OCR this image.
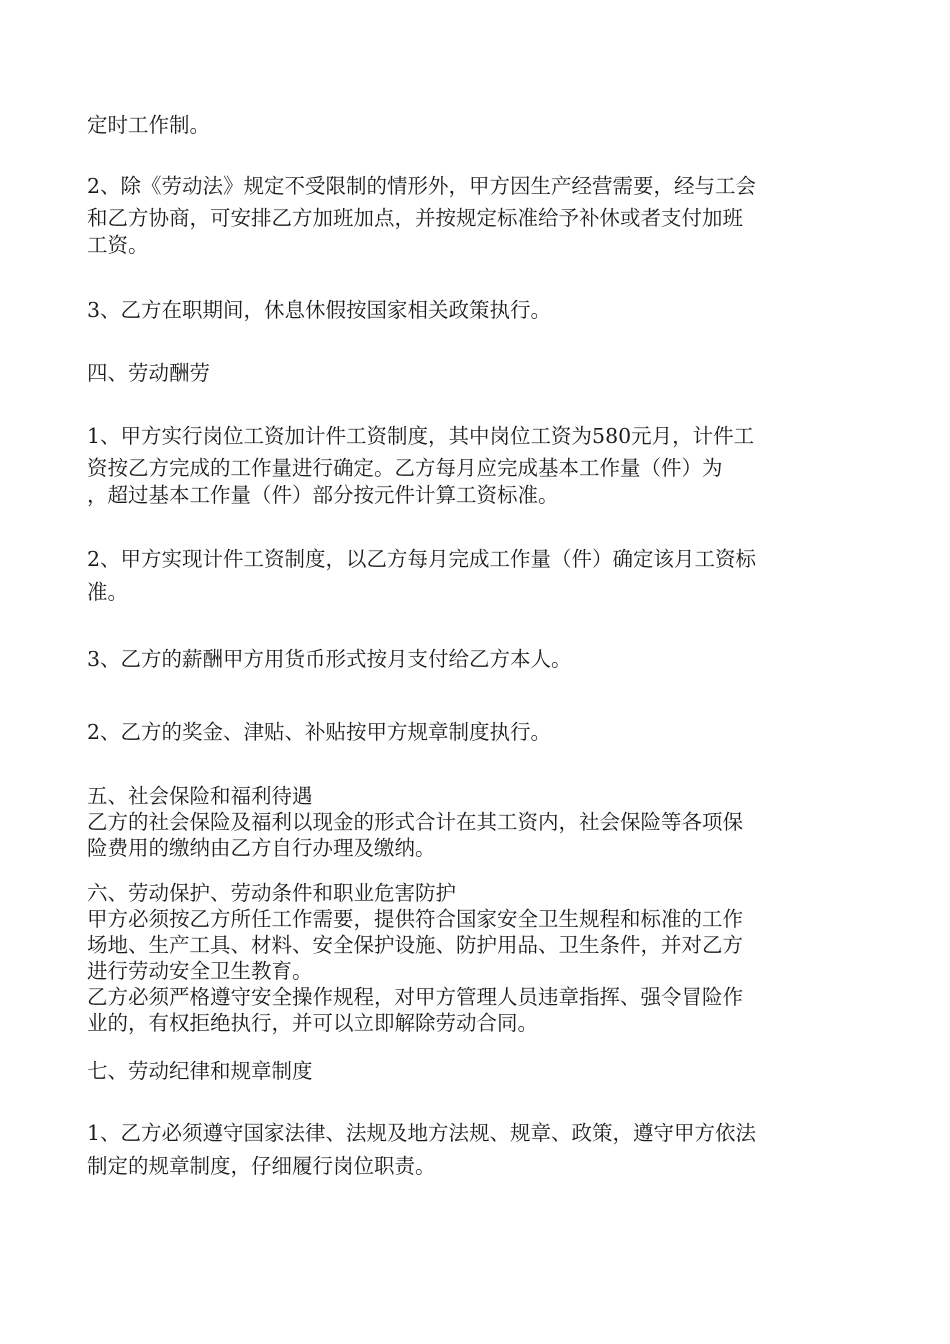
定时工作制。
2、除《劳动法》规定不受限制的情形外，甲方因生产经营需要，经与工会
和乙方协商，可安排乙方加班加点，并按规定标准给予补休或者支付加班
工资。
3、乙方在职期间，休息休假按国家相关政策执行。
四、劳动酬劳
1、甲方实行岗位工资加计件工资制度，其中岗位工资为580元月，计件工
资按乙方完成的工作量进行确定。乙方每月应完成基本工作量（件）为
，超过基本工作量（件）部分按元件计算工资标准。
2、甲方实现计件工资制度，以乙方每月完成工作量（件）确定该月工资标
准。
3、乙方的薪酬甲方用货币形式按月支付给乙方本人。
2、乙方的奖金、津贴、补贴按甲方规章制度执行。
五、社会保险和福利待遇
乙方的社会保险及福利以现金的形式合计在其工资内，社会保险等各项保
险费用的缴纳由乙方自行办理及缴纳。
六、劳动保护、劳动条件和职业危害防护
甲方必须按乙方所任工作需要，提供符合国家安全卫生规程和标准的工作
场地、生产工具、材料、安全保护设施、防护用品、卫生条件，并对乙方
进行劳动安全卫生教育。
乙方必须严格遵守安全操作规程，对甲方管理人员违章指挥、强令冒险作
业的，有权拒绝执行，并可以立即解除劳动合同。
七、劳动纪律和规章制度
1、乙方必须遵守国家法律、法规及地方法规、规章、政策，遵守甲方依法
制定的规章制度，仔细履行岗位职责。
